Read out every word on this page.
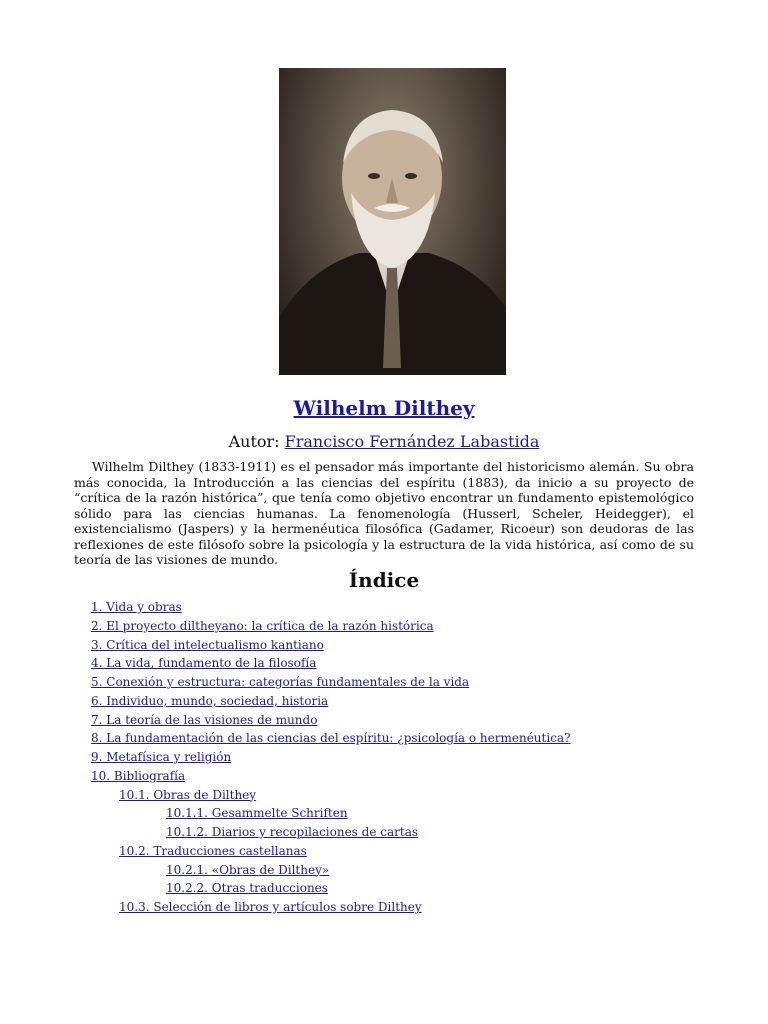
Wilhelm Dilthey

Autor: Francisco Fernández Labastida

Wilhelm Dilthey (1833-1911) es el pensador más importante del historicismo alemán. Su obra más conocida, la Introducción a las ciencias del espíritu (1883), da inicio a su proyecto de “crítica de la razón histórica”, que tenía como objetivo encontrar un fundamento epistemológico sólido para las ciencias humanas. La fenomenología (Husserl, Scheler, Heidegger), el existencialismo (Jaspers) y la hermenéutica filosófica (Gadamer, Ricoeur) son deudoras de las reflexiones de este filósofo sobre la psicología y la estructura de la vida histórica, así como de su teoría de las visiones de mundo.

Índice
1. Vida y obras
2. El proyecto diltheyano: la crítica de la razón histórica
3. Crítica del intelectualismo kantiano
4. La vida, fundamento de la filosofía
5. Conexión y estructura: categorías fundamentales de la vida
6. Individuo, mundo, sociedad, historia
7. La teoría de las visiones de mundo
8. La fundamentación de las ciencias del espíritu: ¿psicología o hermenéutica?
9. Metafísica y religión
10. Bibliografía
10.1. Obras de Dilthey
10.1.1. Gesammelte Schriften
10.1.2. Diarios y recopilaciones de cartas
10.2. Traducciones castellanas
10.2.1. «Obras de Dilthey»
10.2.2. Otras traducciones
10.3. Selección de libros y artículos sobre Dilthey
